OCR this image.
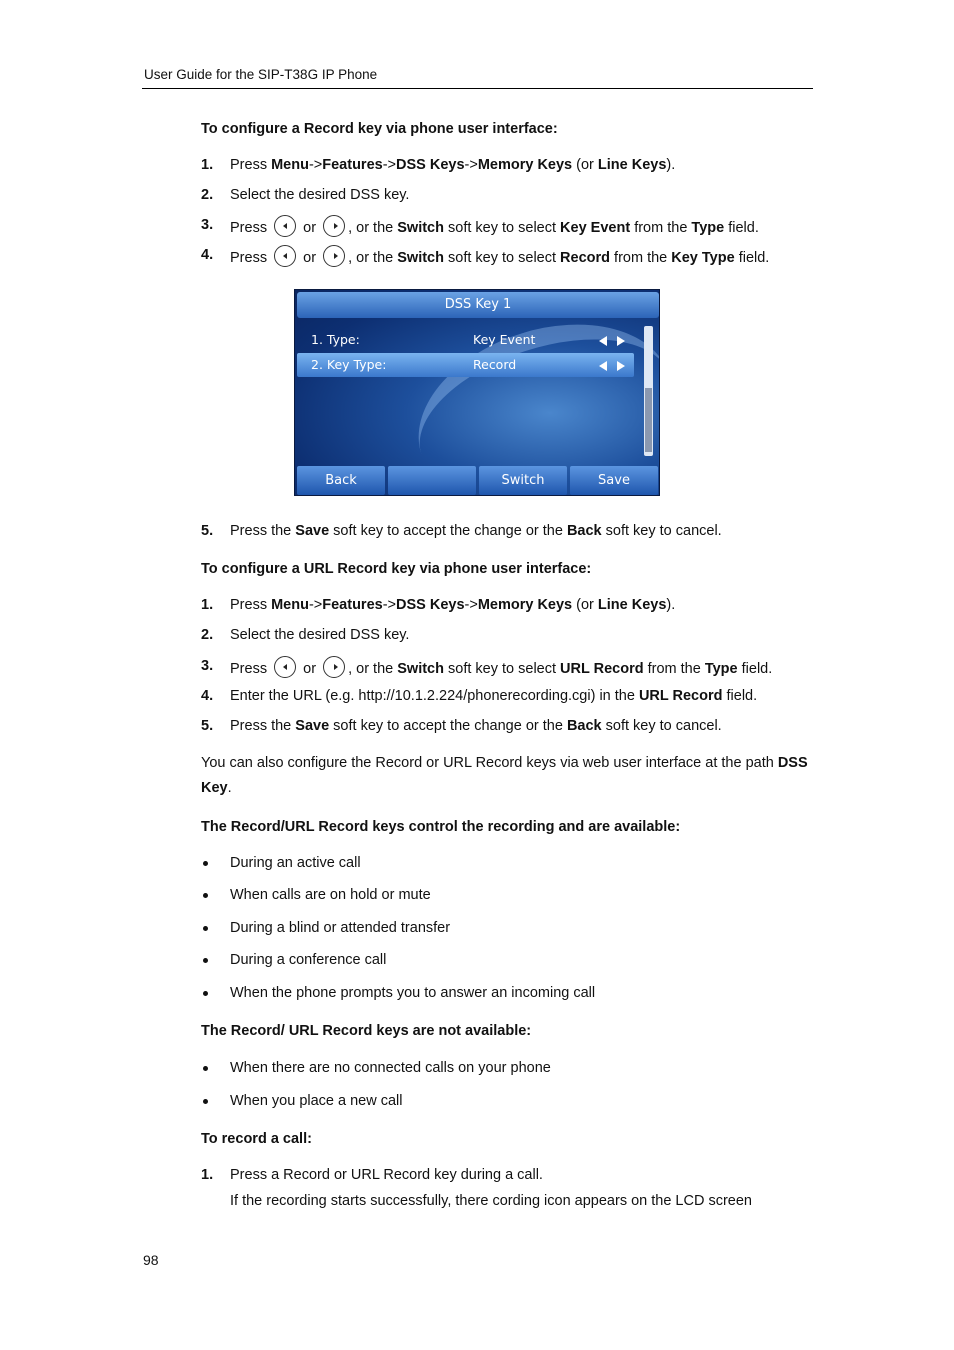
User Guide for the SIP-T38G IP Phone
To configure a Record key via phone user interface:
1. Press Menu->Features->DSS Keys->Memory Keys (or Line Keys).
2. Select the desired DSS key.
3. Press or , or the Switch soft key to select Key Event from the Type field.
4. Press or , or the Switch soft key to select Record from the Key Type field.
DSS Key 1
1. Type:	Key Event
2. Key Type:	Record
Back	Switch	Save
5. Press the Save soft key to accept the change or the Back soft key to cancel.
To configure a URL Record key via phone user interface:
1. Press Menu->Features->DSS Keys->Memory Keys (or Line Keys).
2. Select the desired DSS key.
3. Press or , or the Switch soft key to select URL Record from the Type field.
4. Enter the URL (e.g. http://10.1.2.224/phonerecording.cgi) in the URL Record field.
5. Press the Save soft key to accept the change or the Back soft key to cancel.
You can also configure the Record or URL Record keys via web user interface at the path DSS Key.
The Record/URL Record keys control the recording and are available:
During an active call
When calls are on hold or mute
During a blind or attended transfer
During a conference call
When the phone prompts you to answer an incoming call
The Record/ URL Record keys are not available:
When there are no connected calls on your phone
When you place a new call
To record a call:
1. Press a Record or URL Record key during a call.
If the recording starts successfully, there cording icon appears on the LCD screen
98
